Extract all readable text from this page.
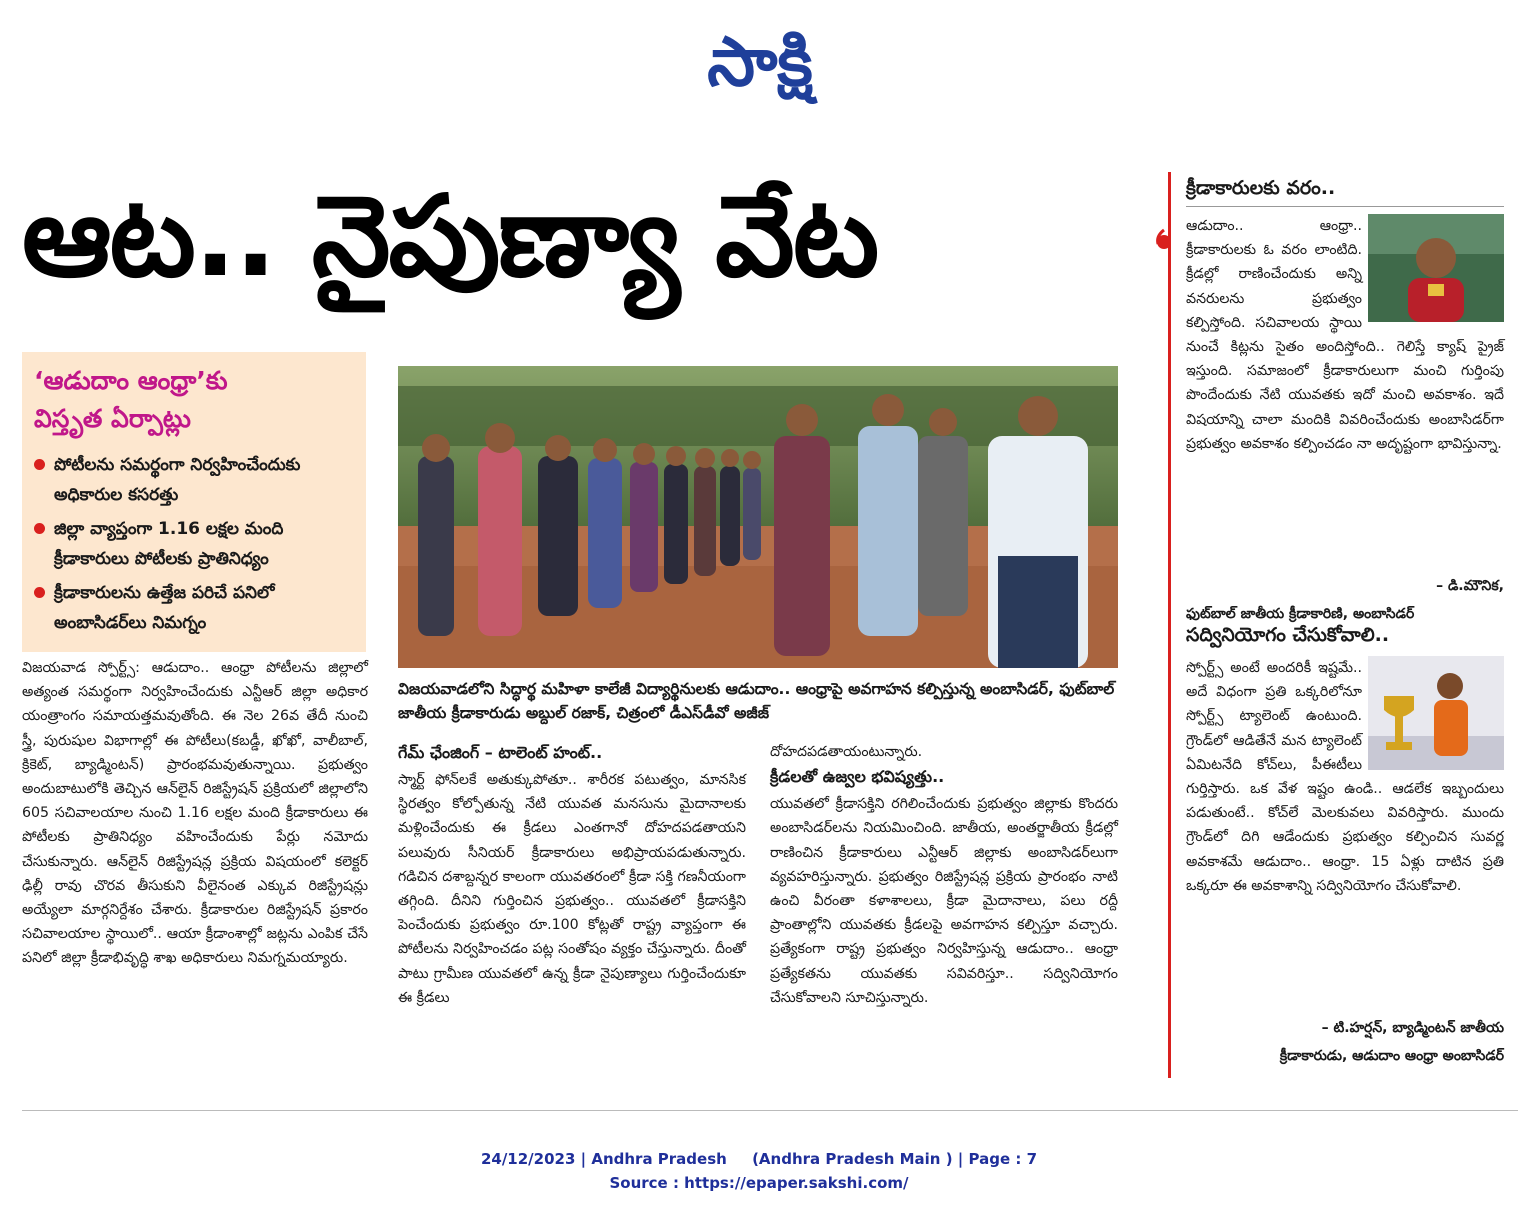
సాక్షి
ఆట.. నైపుణ్యా వేట
‘ఆడుదాం ఆంధ్రా’కు
విస్తృత ఏర్పాట్లు
పోటీలను సమర్థంగా నిర్వహించేందుకు అధికారుల కసరత్తు
జిల్లా వ్యాప్తంగా 1.16 లక్షల మంది క్రీడాకారులు పోటీలకు ప్రాతినిధ్యం
క్రీడాకారులను ఉత్తేజ పరిచే పనిలో అంబాసిడర్‌లు నిమగ్నం
విజయవాడలోని సిద్ధార్థ మహిళా కాలేజీ విద్యార్థినులకు ఆడుదాం.. ఆంధ్రాపై అవగాహన కల్పిస్తున్న అంబాసిడర్, ఫుట్‌బాల్ జాతీయ క్రీడాకారుడు అబ్దుల్ రజాక్, చిత్రంలో డీఎస్‌డీవో అజీజ్
విజయవాడ స్పోర్ట్స్: ఆడుదాం.. ఆంధ్రా పోటీలను జిల్లాలో అత్యంత సమర్థంగా నిర్వహించేందుకు ఎన్టీఆర్ జిల్లా అధికార యంత్రాంగం సమాయత్తమవుతోంది. ఈ నెల 26వ తేదీ నుంచి స్త్రీ, పురుషుల విభాగాల్లో ఈ పోటీలు(కబడ్డీ, ఖోఖో, వాలీబాల్, క్రికెట్, బ్యాడ్మింటన్) ప్రారంభమవుతున్నాయి. ప్రభుత్వం అందుబాటులోకి తెచ్చిన ఆన్‌లైన్ రిజిస్ట్రేషన్ ప్రక్రియలో జిల్లాలోని 605 సచివాలయాల నుంచి 1.16 లక్షల మంది క్రీడాకారులు ఈ పోటీలకు ప్రాతినిధ్యం వహించేందుకు పేర్లు నమోదు చేసుకున్నారు. ఆన్‌లైన్ రిజిస్ట్రేషన్ల ప్రక్రియ విషయంలో కలెక్టర్ ఢిల్లీ రావు చొరవ తీసుకుని వీలైనంత ఎక్కువ రిజిస్ట్రేషన్లు అయ్యేలా మార్గనిర్దేశం చేశారు. క్రీడాకారుల రిజిస్ట్రేషన్ ప్రకారం సచివాలయాల స్థాయిలో.. ఆయా క్రీడాంశాల్లో జట్లను ఎంపిక చేసే పనిలో జిల్లా క్రీడాభివృద్ధి శాఖ అధికారులు నిమగ్నమయ్యారు.
గేమ్ ఛేంజింగ్ – టాలెంట్ హంట్..
స్మార్ట్ ఫోన్‌లకే అతుక్కుపోతూ.. శారీరక పటుత్వం, మానసిక స్థిరత్వం కోల్పోతున్న నేటి యువత మనసును మైదానాలకు మళ్లించేందుకు ఈ క్రీడలు ఎంతగానో దోహదపడతాయని పలువురు సీనియర్ క్రీడాకారులు అభిప్రాయపడుతున్నారు. గడిచిన దశాబ్దన్నర కాలంగా యువతరంలో క్రీడా సక్తి గణనీయంగా తగ్గింది. దీనిని గుర్తించిన ప్రభుత్వం.. యువతలో క్రీడాసక్తిని పెంచేందుకు ప్రభుత్వం రూ.100 కోట్లతో రాష్ట్ర వ్యాప్తంగా ఈ పోటీలను నిర్వహించడం పట్ల సంతోషం వ్యక్తం చేస్తున్నారు. దీంతో పాటు గ్రామీణ యువతలో ఉన్న క్రీడా నైపుణ్యాలు గుర్తించేందుకూ ఈ క్రీడలు
దోహదపడతాయంటున్నారు.
క్రీడలతో ఉజ్వల భవిష్యత్తు..
యువతలో క్రీడాసక్తిని రగిలించేందుకు ప్రభుత్వం జిల్లాకు కొందరు అంబాసిడర్‌లను నియమించింది. జాతీయ, అంతర్జాతీయ క్రీడల్లో రాణించిన క్రీడాకారులు ఎన్టీఆర్ జిల్లాకు అంబాసిడర్‌లుగా వ్యవహరిస్తున్నారు. ప్రభుత్వం రిజిస్ట్రేషన్ల ప్రక్రియ ప్రారంభం నాటి ఉంచి వీరంతా కళాశాలలు, క్రీడా మైదానాలు, పలు రద్దీ ప్రాంతాల్లోని యువతకు క్రీడలపై అవగాహన కల్పిస్తూ వచ్చారు. ప్రత్యేకంగా రాష్ట్ర ప్రభుత్వం నిర్వహిస్తున్న ఆడుదాం.. ఆంధ్రా ప్రత్యేకతను యువతకు సవివరిస్తూ.. సద్వినియోగం చేసుకోవాలని సూచిస్తున్నారు.
క్రీడాకారులకు వరం..
ఆడుదాం.. ఆంధ్రా.. క్రీడాకారులకు ఓ వరం లాంటిది. క్రీడల్లో రాణించేందుకు అన్ని వనరులను ప్రభుత్వం కల్పిస్తోంది. సచివాలయ స్థాయి నుంచే కిట్లను సైతం అందిస్తోంది.. గెలిస్తే క్యాష్ ప్రైజ్ ఇస్తుంది. సమాజంలో క్రీడాకారులుగా మంచి గుర్తింపు పొందేందుకు నేటి యువతకు ఇదో మంచి అవకాశం. ఇదే విషయాన్ని చాలా మందికి వివరించేందుకు అంబాసిడర్‌గా ప్రభుత్వం అవకాశం కల్పించడం నా అదృష్టంగా భావిస్తున్నా.
– డి.మౌనిక,
ఫుట్‌బాల్ జాతీయ క్రీడాకారిణి, అంబాసిడర్
సద్వినియోగం చేసుకోవాలి..
స్పోర్ట్స్ అంటే అందరికీ ఇష్టమే.. అదే విధంగా ప్రతి ఒక్కరిలోనూ స్పోర్ట్స్ ట్యాలెంట్ ఉంటుంది. గ్రౌండ్‌లో ఆడితేనే మన ట్యాలెంట్ ఏమిటనేది కోచ్‌లు, పీఈటీలు గుర్తిస్తారు. ఒక వేళ ఇష్టం ఉండి.. ఆడలేక ఇబ్బందులు పడుతుంటే.. కోచ్‌లే మెలకువలు వివరిస్తారు. ముందు గ్రౌండ్‌లో దిగి ఆడేందుకు ప్రభుత్వం కల్పించిన సువర్ణ అవకాశమే ఆడుదాం.. ఆంధ్రా. 15 ఏళ్లు దాటిన ప్రతి ఒక్కరూ ఈ అవకాశాన్ని సద్వినియోగం చేసుకోవాలి.
– టి.హర్షన్, బ్యాడ్మింటన్ జాతీయ
క్రీడాకారుడు, ఆడుదాం ఆంధ్రా అంబాసిడర్
24/12/2023 | Andhra Pradesh (Andhra Pradesh Main ) | Page : 7
Source : https://epaper.sakshi.com/
